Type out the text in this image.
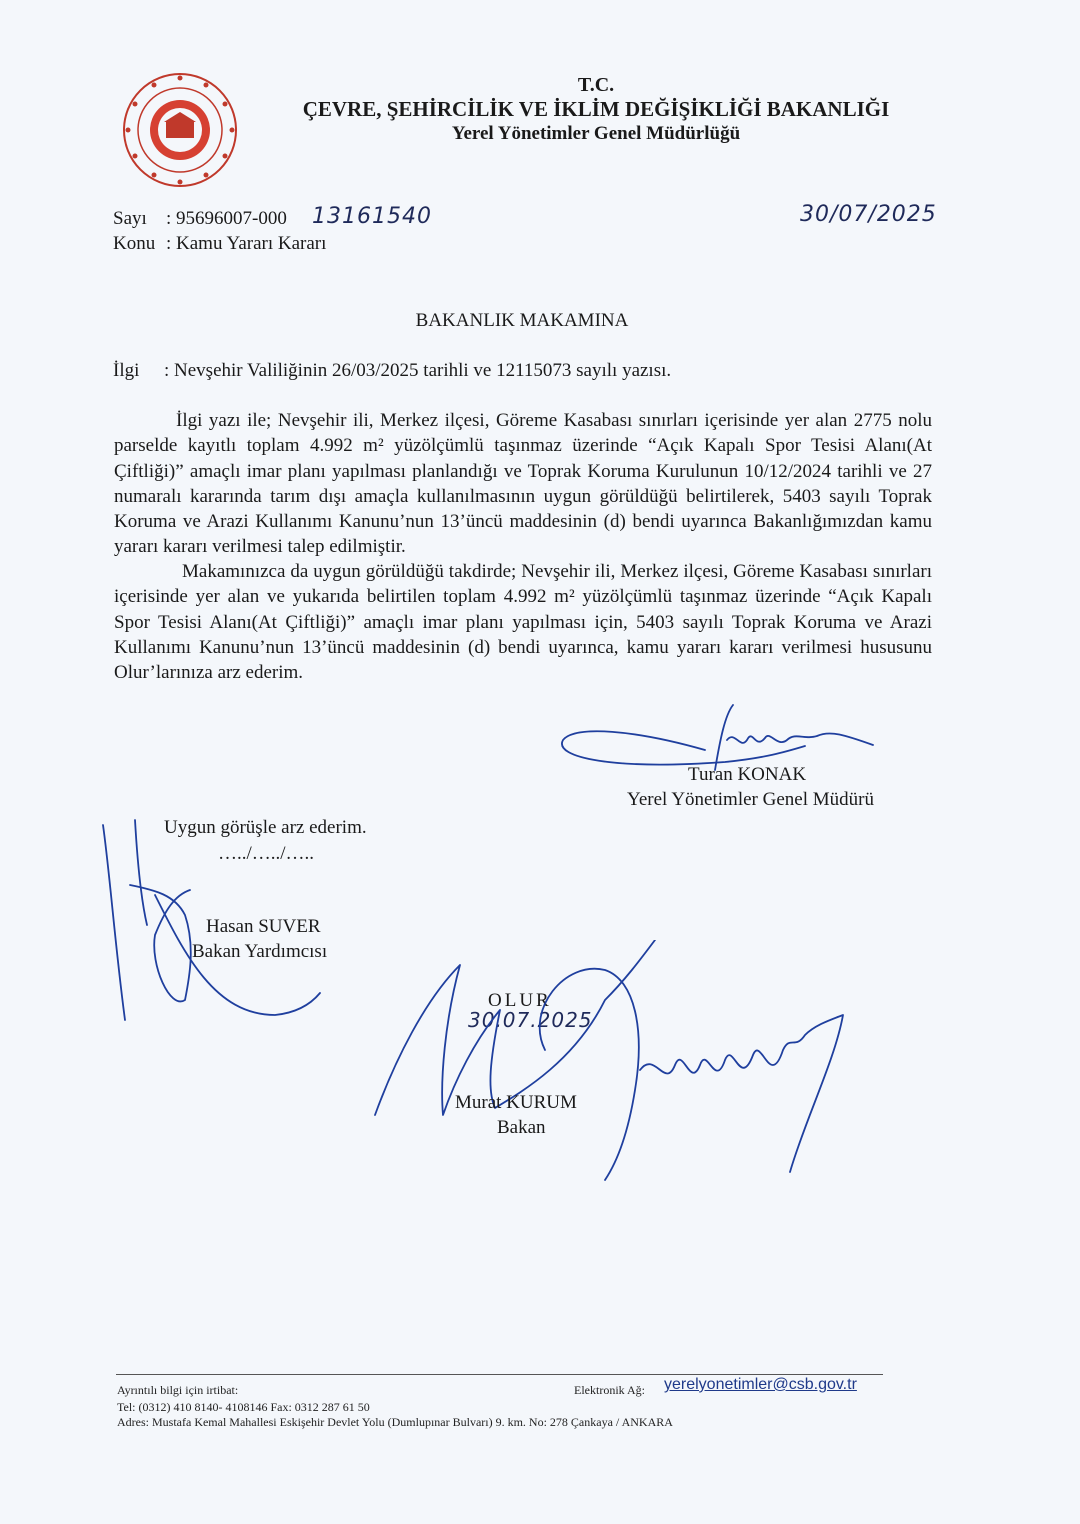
T.C.
ÇEVRE, ŞEHİRCİLİK VE İKLİM DEĞİŞİKLİĞİ BAKANLIĞI
Yerel Yönetimler Genel Müdürlüğü
Sayı : 95696007-000 13161540	30/07/2025
Konu : Kamu Yararı Kararı
BAKANLIK MAKAMINA
İlgi : Nevşehir Valiliğinin 26/03/2025 tarihli ve 12115073 sayılı yazısı.
İlgi yazı ile; Nevşehir ili, Merkez ilçesi, Göreme Kasabası sınırları içerisinde yer alan 2775 nolu parselde kayıtlı toplam 4.992 m² yüzölçümlü taşınmaz üzerinde “Açık Kapalı Spor Tesisi Alanı(At Çiftliği)” amaçlı imar planı yapılması planlandığı ve Toprak Koruma Kurulunun 10/12/2024 tarihli ve 27 numaralı kararında tarım dışı amaçla kullanılmasının uygun görüldüğü belirtilerek, 5403 sayılı Toprak Koruma ve Arazi Kullanımı Kanunu’nun 13’üncü maddesinin (d) bendi uyarınca Bakanlığımızdan kamu yararı kararı verilmesi talep edilmiştir.
Makamınızca da uygun görüldüğü takdirde; Nevşehir ili, Merkez ilçesi, Göreme Kasabası sınırları içerisinde yer alan ve yukarıda belirtilen toplam 4.992 m² yüzölçümlü taşınmaz üzerinde “Açık Kapalı Spor Tesisi Alanı(At Çiftliği)” amaçlı imar planı yapılması için, 5403 sayılı Toprak Koruma ve Arazi Kullanımı Kanunu’nun 13’üncü maddesinin (d) bendi uyarınca, kamu yararı kararı verilmesi hususunu Olur’larınıza arz ederim.
Turan KONAK
Yerel Yönetimler Genel Müdürü
Uygun görüşle arz ederim.
…../…../…..
Hasan SUVER
Bakan Yardımcısı
OLUR
30.07.2025
Murat KURUM
Bakan
Ayrıntılı bilgi için irtibat:	Elektronik Ağ: yerelyonetimler@csb.gov.tr
Tel: (0312) 410 8140- 4108146 Fax: 0312 287 61 50
Adres: Mustafa Kemal Mahallesi Eskişehir Devlet Yolu (Dumlupınar Bulvarı) 9. km. No: 278 Çankaya / ANKARA
